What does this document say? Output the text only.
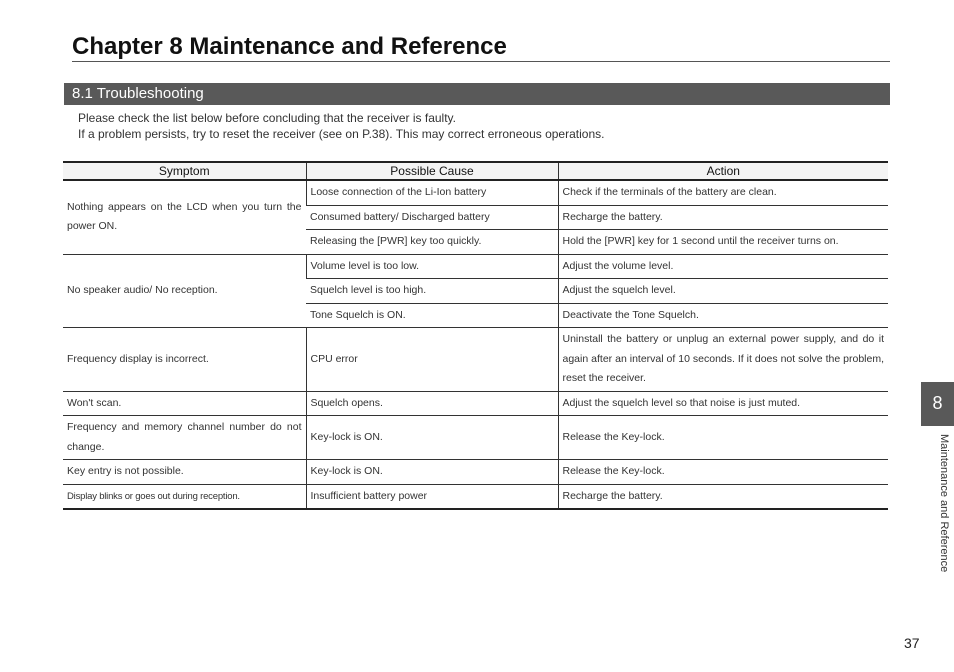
Chapter 8 Maintenance and Reference
8.1 Troubleshooting
Please check the list below before concluding that the receiver is faulty.
If a problem persists, try to reset the receiver (see on P.38). This may correct erroneous operations.
Symptom	Possible Cause	Action
Nothing appears on the LCD when you turn the power ON.	Loose connection of the Li-Ion battery	Check if the terminals of the battery are clean.
	Consumed battery/ Discharged battery	Recharge the battery.
	Releasing the [PWR] key too quickly.	Hold the [PWR] key for 1 second until the receiver turns on.
No speaker audio/ No reception.	Volume level is too low.	Adjust the volume level.
	Squelch level is too high.	Adjust the squelch level.
	Tone Squelch is ON.	Deactivate the Tone Squelch.
Frequency display is incorrect.	CPU error	Uninstall the battery or unplug an external power supply, and do it again after an interval of 10 seconds. If it does not solve the problem, reset the receiver.
Won't scan.	Squelch opens.	Adjust the squelch level so that noise is just muted.
Frequency and memory channel number do not change.	Key-lock is ON.	Release the Key-lock.
Key entry is not possible.	Key-lock is ON.	Release the Key-lock.
Display blinks or goes out during reception.	Insufficient battery power	Recharge the battery.
8
Maintenance and Reference
37
